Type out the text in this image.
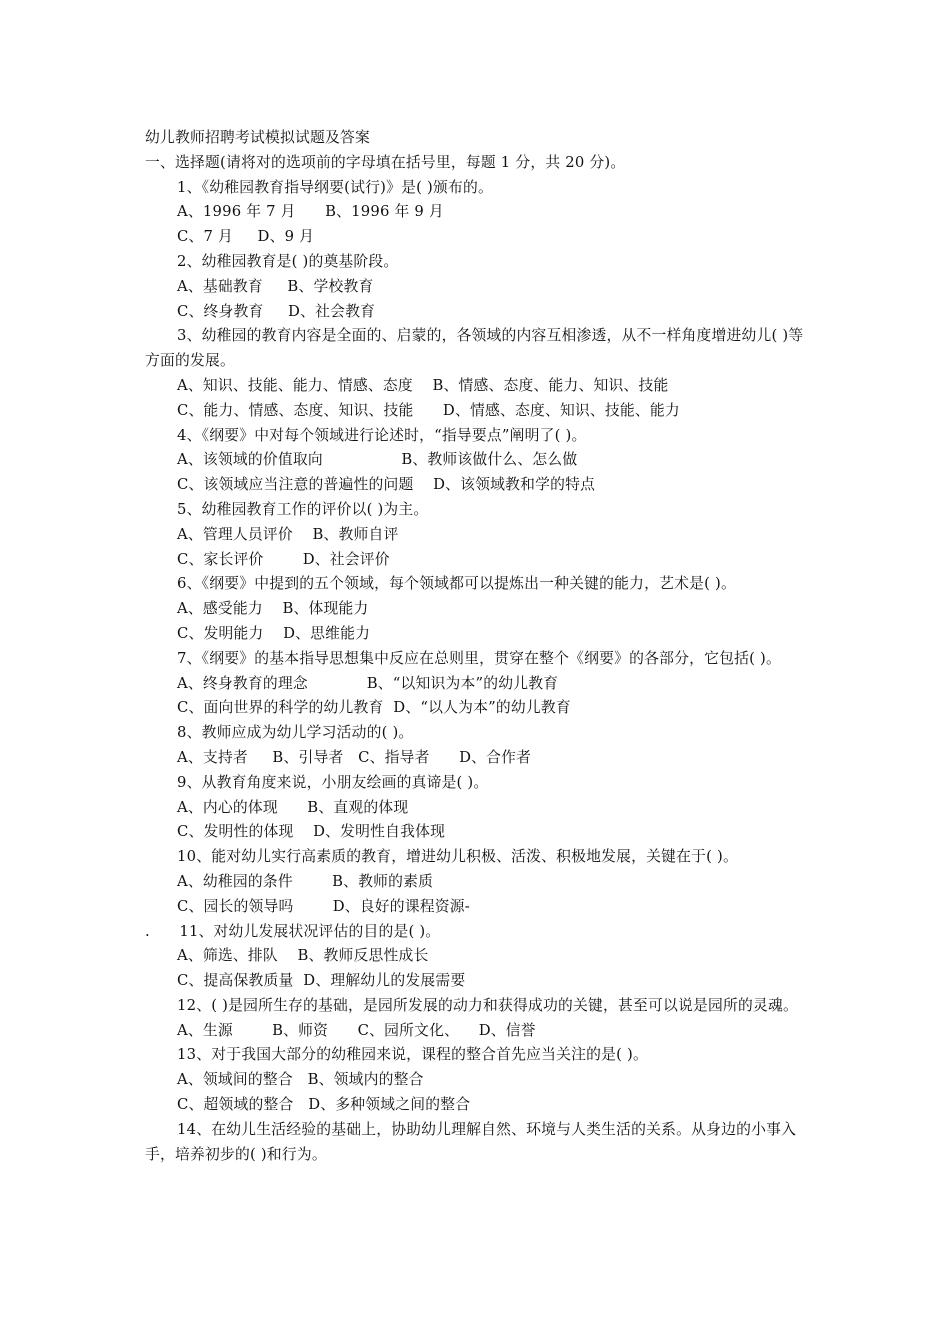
幼儿教师招聘考试模拟试题及答案

一、选择题(请将对的选项前的字母填在括号里，每题 1 分，共 20 分)。

1、《幼稚园教育指导纲要(试行)》是( )颁布的。

A、1996 年 7 月      B、1996 年 9 月

C、7 月     D、9 月

2、幼稚园教育是( )的奠基阶段。

A、基础教育     B、学校教育

C、终身教育     D、社会教育

3、幼稚园的教育内容是全面的、启蒙的，各领域的内容互相渗透，从不一样角度增进幼儿( )等方面的发展。

A、知识、技能、能力、情感、态度    B、情感、态度、能力、知识、技能

C、能力、情感、态度、知识、技能      D、情感、态度、知识、技能、能力

4、《纲要》中对每个领域进行论述时，“指导要点”阐明了( )。

A、该领域的价值取向                B、教师该做什么、怎么做

C、该领域应当注意的普遍性的问题    D、该领域教和学的特点

5、幼稚园教育工作的评价以( )为主。

A、管理人员评价    B、教师自评

C、家长评价        D、社会评价

6、《纲要》中提到的五个领域，每个领域都可以提炼出一种关键的能力，艺术是( )。

A、感受能力    B、体现能力

C、发明能力    D、思维能力

7、《纲要》的基本指导思想集中反应在总则里，贯穿在整个《纲要》的各部分，它包括( )。

A、终身教育的理念            B、“以知识为本”的幼儿教育

C、面向世界的科学的幼儿教育  D、“以人为本”的幼儿教育

8、教师应成为幼儿学习活动的( )。

A、支持者     B、引导者   C、指导者      D、合作者

9、从教育角度来说，小朋友绘画的真谛是( )。

A、内心的体现      B、直观的体现

C、发明性的体现    D、发明性自我体现

10、能对幼儿实行高素质的教育，增进幼儿积极、活泼、积极地发展，关键在于( )。

A、幼稚园的条件        B、教师的素质

C、园长的领导吗        D、良好的课程资源-

.      11、对幼儿发展状况评估的目的是( )。

A、筛选、排队    B、教师反思性成长

C、提高保教质量  D、理解幼儿的发展需要

12、( )是园所生存的基础，是园所发展的动力和获得成功的关键，甚至可以说是园所的灵魂。

A、生源        B、师资      C、园所文化、    D、信誉

13、对于我国大部分的幼稚园来说，课程的整合首先应当关注的是( )。

A、领域间的整合   B、领域内的整合

C、超领域的整合   D、多种领域之间的整合

14、在幼儿生活经验的基础上，协助幼儿理解自然、环境与人类生活的关系。从身边的小事入手，培养初步的( )和行为。
